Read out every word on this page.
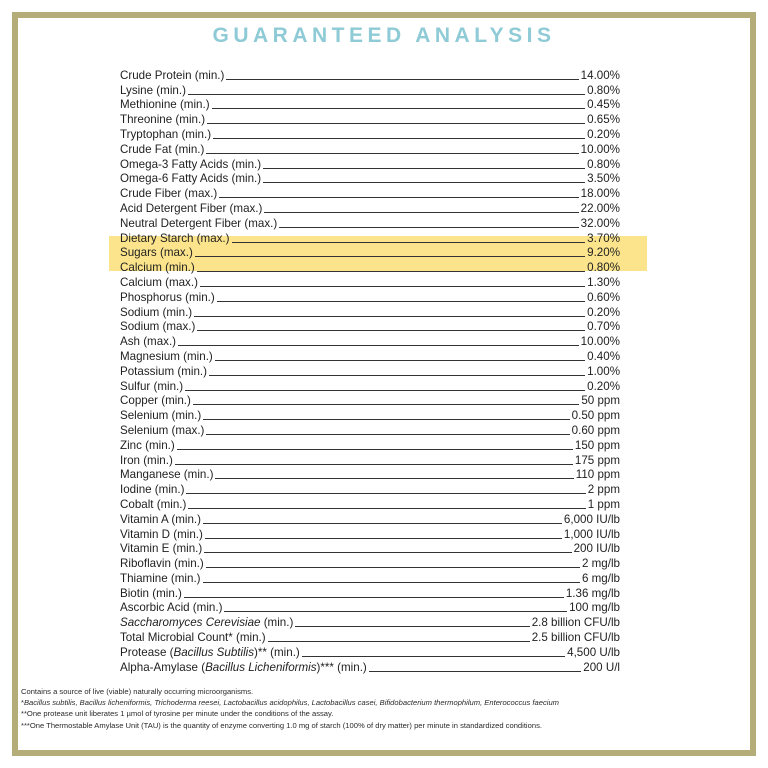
GUARANTEED ANALYSIS
Crude Protein (min.)	14.00%
Lysine (min.)	0.80%
Methionine (min.)	0.45%
Threonine (min.)	0.65%
Tryptophan (min.)	0.20%
Crude Fat (min.)	10.00%
Omega-3 Fatty Acids (min.)	0.80%
Omega-6 Fatty Acids (min.)	3.50%
Crude Fiber (max.)	18.00%
Acid Detergent Fiber (max.)	22.00%
Neutral Detergent Fiber (max.)	32.00%
Dietary Starch (max.)	3.70%
Sugars (max.)	9.20%
Calcium (min.)	0.80%
Calcium (max.)	1.30%
Phosphorus (min.)	0.60%
Sodium (min.)	0.20%
Sodium (max.)	0.70%
Ash (max.)	10.00%
Magnesium (min.)	0.40%
Potassium (min.)	1.00%
Sulfur (min.)	0.20%
Copper (min.)	50 ppm
Selenium (min.)	0.50 ppm
Selenium (max.)	0.60 ppm
Zinc (min.)	150 ppm
Iron (min.)	175 ppm
Manganese (min.)	110 ppm
Iodine (min.)	2 ppm
Cobalt (min.)	1 ppm
Vitamin A (min.)	6,000 IU/lb
Vitamin D (min.)	1,000 IU/lb
Vitamin E (min.)	200 IU/lb
Riboflavin (min.)	2 mg/lb
Thiamine (min.)	6 mg/lb
Biotin (min.)	1.36 mg/lb
Ascorbic Acid (min.)	100 mg/lb
Saccharomyces Cerevisiae (min.)	2.8 billion CFU/lb
Total Microbial Count* (min.)	2.5 billion CFU/lb
Protease (Bacillus Subtilis)** (min.)	4,500 U/lb
Alpha-Amylase (Bacillus Licheniformis)*** (min.)	200 U/l
Contains a source of live (viable) naturally occurring microorganisms.
*Bacillus subtilis, Bacillus licheniformis, Trichoderma reesei, Lactobacillus acidophilus, Lactobacillus casei, Bifidobacterium thermophilum, Enterococcus faecium
**One protease unit liberates 1 µmol of tyrosine per minute under the conditions of the assay.
***One Thermostable Amylase Unit (TAU) is the quantity of enzyme converting 1.0 mg of starch (100% of dry matter) per minute in standardized conditions.
